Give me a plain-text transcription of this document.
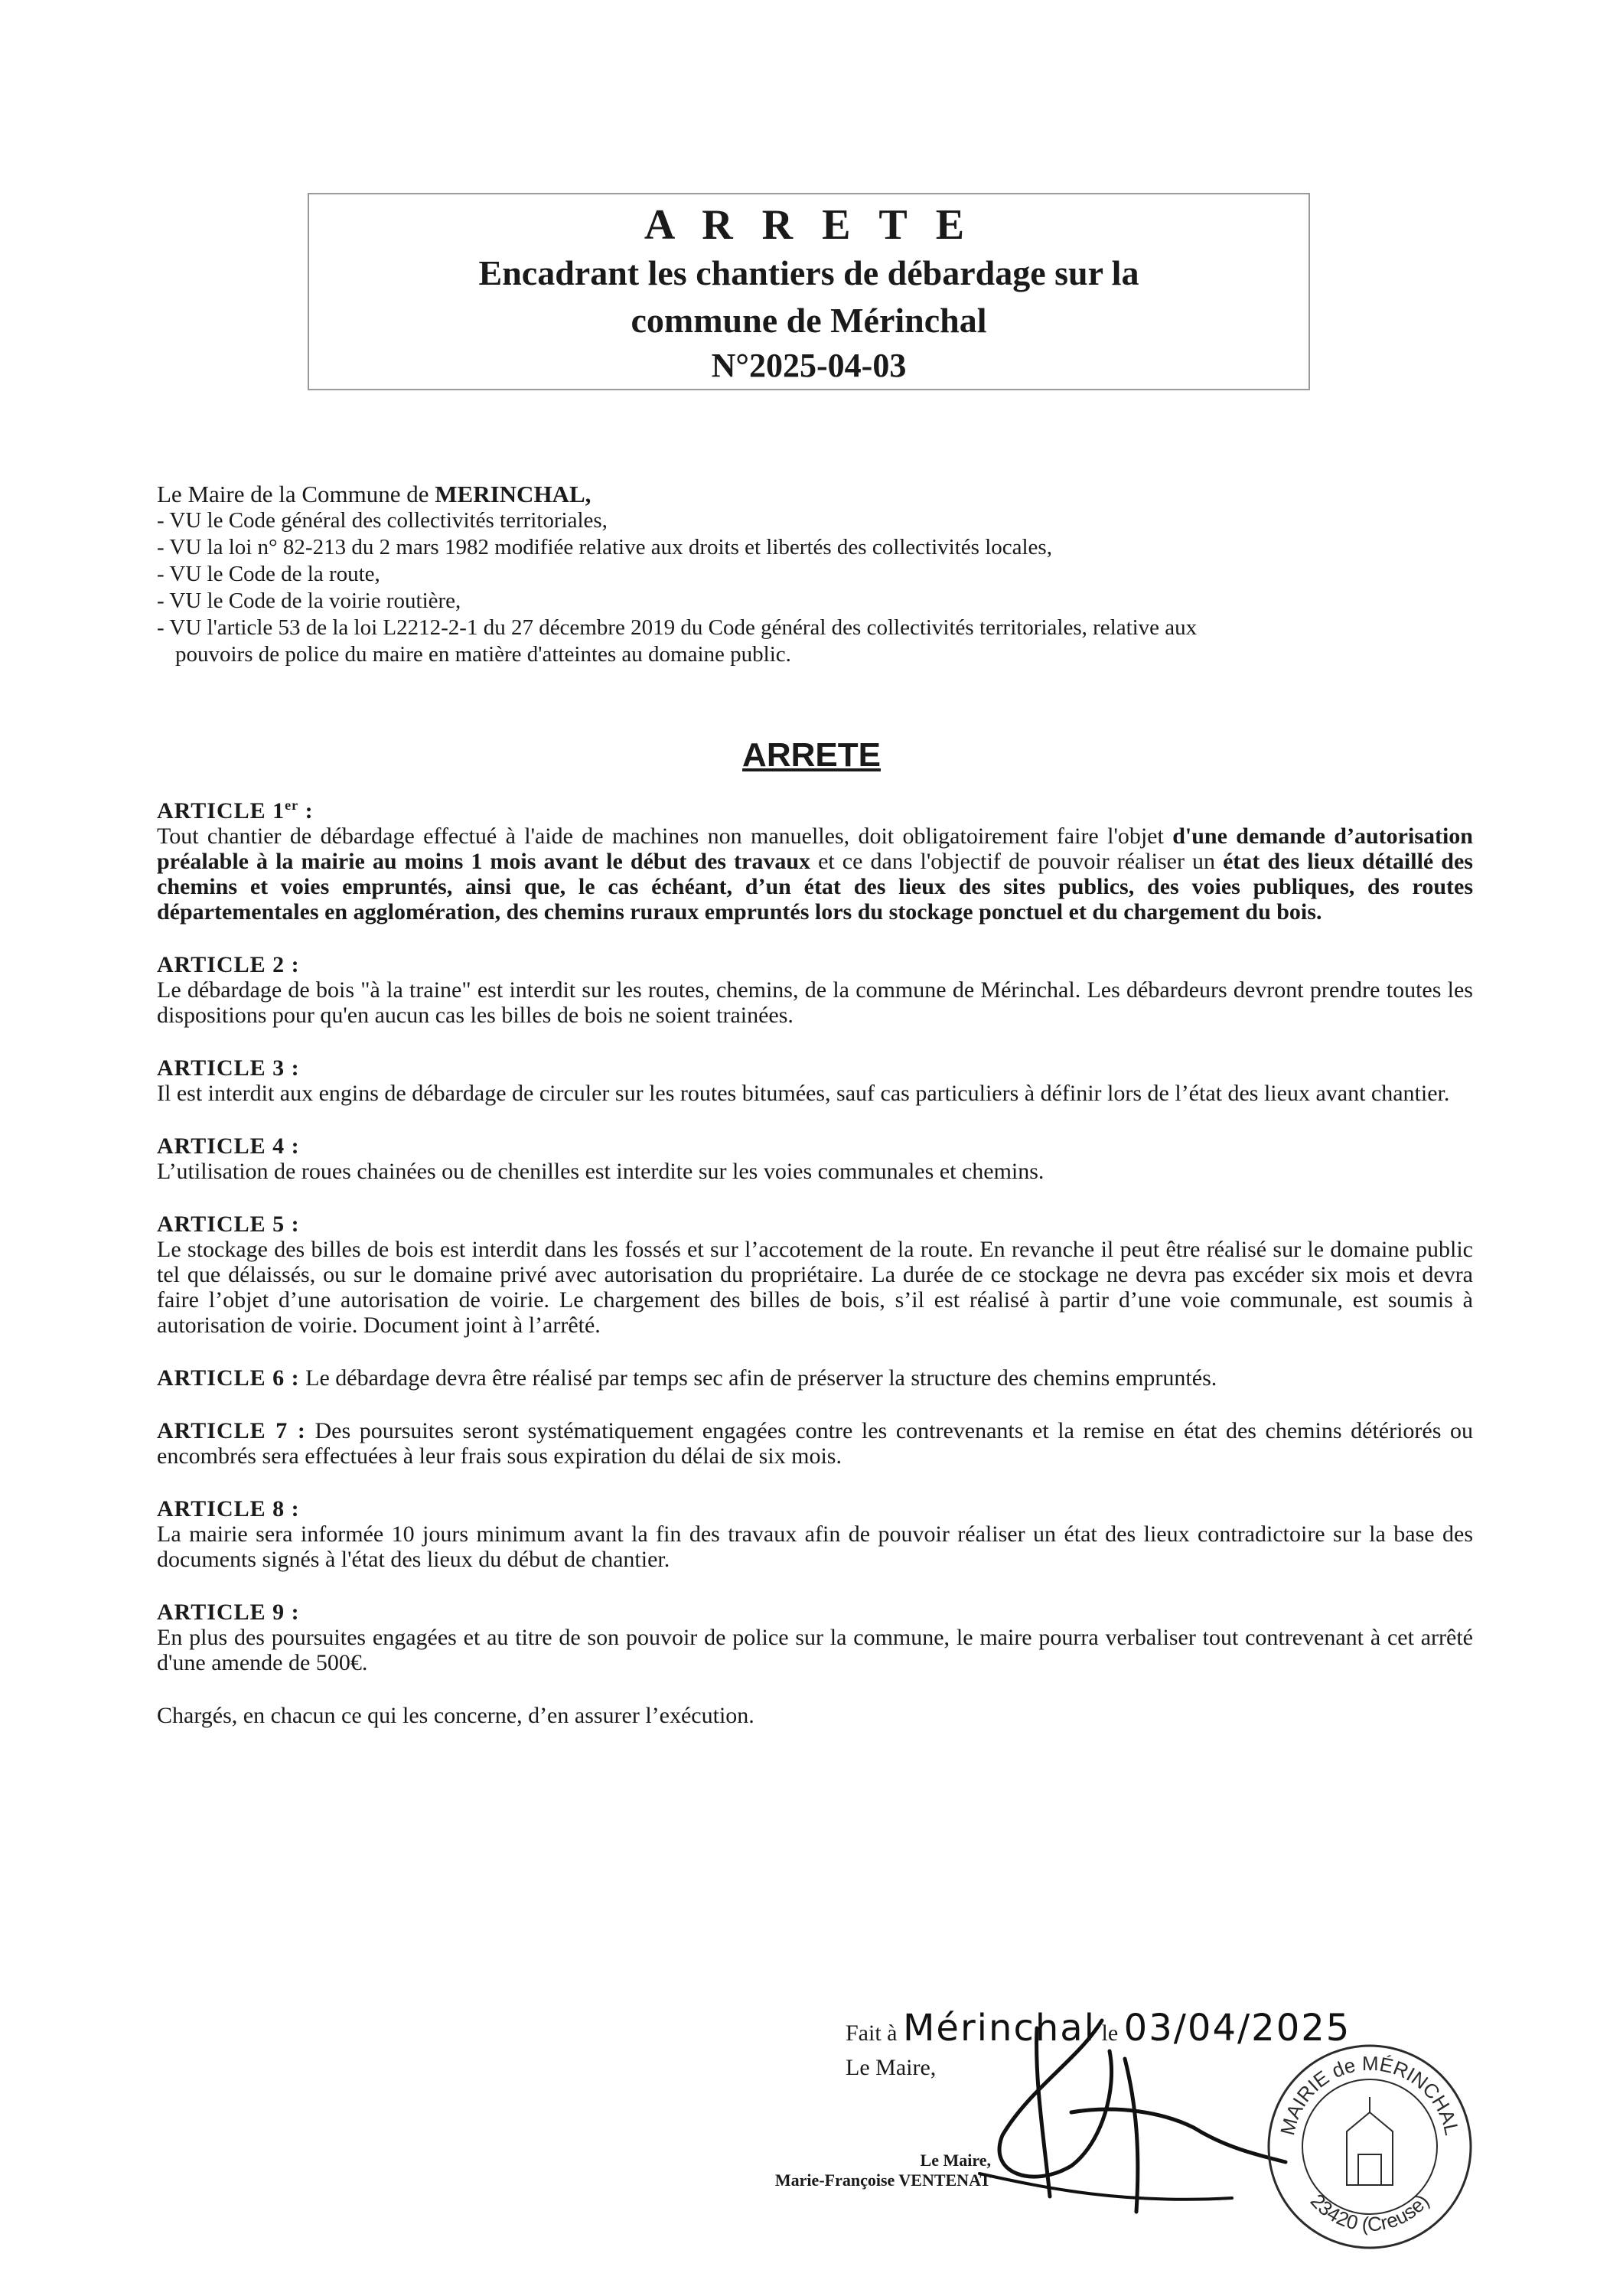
A R R E T E
Encadrant les chantiers de débardage sur la
commune de Mérinchal
N°2025-04-03
Le Maire de la Commune de MERINCHAL,
- VU le Code général des collectivités territoriales,
- VU la loi n° 82-213 du 2 mars 1982 modifiée relative aux droits et libertés des collectivités locales,
- VU le Code de la route,
- VU le Code de la voirie routière,
- VU l'article 53 de la loi L2212-2-1 du 27 décembre 2019 du Code général des collectivités territoriales, relative aux
pouvoirs de police du maire en matière d'atteintes au domaine public.
ARRETE
ARTICLE 1er :
Tout chantier de débardage effectué à l'aide de machines non manuelles, doit obligatoirement faire l'objet d'une demande d’autorisation préalable à la mairie au moins 1 mois avant le début des travaux et ce dans l'objectif de pouvoir réaliser un état des lieux détaillé des chemins et voies empruntés, ainsi que, le cas échéant, d’un état des lieux des sites publics, des voies publiques, des routes départementales en agglomération, des chemins ruraux empruntés lors du stockage ponctuel et du chargement du bois.
ARTICLE 2 :
Le débardage de bois "à la traine" est interdit sur les routes, chemins, de la commune de Mérinchal. Les débardeurs devront prendre toutes les dispositions pour qu'en aucun cas les billes de bois ne soient trainées.
ARTICLE 3 :
Il est interdit aux engins de débardage de circuler sur les routes bitumées, sauf cas particuliers à définir lors de l’état des lieux avant chantier.
ARTICLE 4 :
L’utilisation de roues chainées ou de chenilles est interdite sur les voies communales et chemins.
ARTICLE 5 :
Le stockage des billes de bois est interdit dans les fossés et sur l’accotement de la route. En revanche il peut être réalisé sur le domaine public tel que délaissés, ou sur le domaine privé avec autorisation du propriétaire. La durée de ce stockage ne devra pas excéder six mois et devra faire l’objet d’une autorisation de voirie. Le chargement des billes de bois, s’il est réalisé à partir d’une voie communale, est soumis à autorisation de voirie. Document joint à l’arrêté.
ARTICLE 6 : Le débardage devra être réalisé par temps sec afin de préserver la structure des chemins empruntés.
ARTICLE 7 : Des poursuites seront systématiquement engagées contre les contrevenants et la remise en état des chemins détériorés ou encombrés sera effectuées à leur frais sous expiration du délai de six mois.
ARTICLE 8 :
La mairie sera informée 10 jours minimum avant la fin des travaux afin de pouvoir réaliser un état des lieux contradictoire sur la base des documents signés à l'état des lieux du début de chantier.
ARTICLE 9 :
En plus des poursuites engagées et au titre de son pouvoir de police sur la commune, le maire pourra verbaliser tout contrevenant à cet arrêté d'une amende de 500€.
Chargés, en chacun ce qui les concerne, d’en assurer l’exécution.
Fait à Mérinchal le 03/04/2025
Le Maire,
Le Maire,
Marie-Françoise VENTENAT
MAIRIE de MÉRINCHAL
23420 (Creuse)
